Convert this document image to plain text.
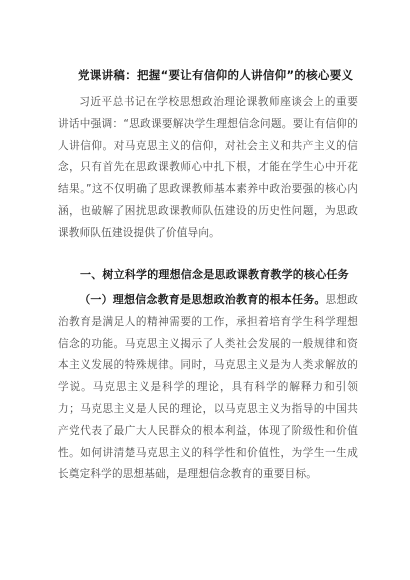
党课讲稿：把握“要让有信仰的人讲信仰”的核心要义
习近平总书记在学校思想政治理论课教师座谈会上的重要讲话中强调：“思政课要解决学生理想信念问题。要让有信仰的人讲信仰。对马克思主义的信仰，对社会主义和共产主义的信念，只有首先在思政课教师心中扎下根，才能在学生心中开花结果。”这不仅明确了思政课教师基本素养中政治要强的核心内涵，也破解了困扰思政课教师队伍建设的历史性问题，为思政课教师队伍建设提供了价值导向。
一、树立科学的理想信念是思政课教育教学的核心任务
（一）理想信念教育是思想政治教育的根本任务。思想政治教育是满足人的精神需要的工作，承担着培育学生科学理想信念的功能。马克思主义揭示了人类社会发展的一般规律和资本主义发展的特殊规律。同时，马克思主义是为人类求解放的学说。马克思主义是科学的理论，具有科学的解释力和引领力；马克思主义是人民的理论，以马克思主义为指导的中国共产党代表了最广大人民群众的根本利益，体现了阶级性和价值性。如何讲清楚马克思主义的科学性和价值性，为学生一生成长奠定科学的思想基础，是理想信念教育的重要目标。
